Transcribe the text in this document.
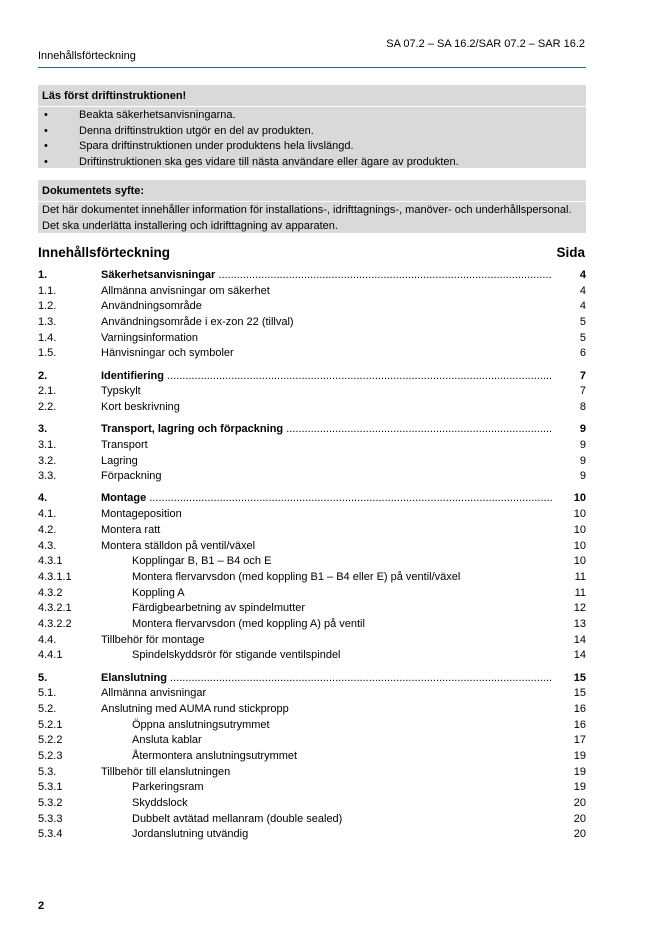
SA 07.2 – SA 16.2/SAR 07.2 – SAR 16.2
Innehållsförteckning
Läs först driftinstruktionen!
•	Beakta säkerhetsanvisningarna.
•	Denna driftinstruktion utgör en del av produkten.
•	Spara driftinstruktionen under produktens hela livslängd.
•	Driftinstruktionen ska ges vidare till nästa användare eller ägare av produkten.
Dokumentets syfte:
Det här dokumentet innehåller information för installations-, idrifttagnings-, manöver- och underhållspersonal.
Det ska underlätta installering och idrifttagning av apparaten.
Innehållsförteckning	Sida
1.	Säkerhetsanvisningar .....	4
1.1.	Allmänna anvisningar om säkerhet	4
1.2.	Användningsområde	4
1.3.	Användningsområde i ex-zon 22 (tillval)	5
1.4.	Varningsinformation	5
1.5.	Hänvisningar och symboler	6
2.	Identifiering .....	7
2.1.	Typskylt	7
2.2.	Kort beskrivning	8
3.	Transport, lagring och förpackning .....	9
3.1.	Transport	9
3.2.	Lagring	9
3.3.	Förpackning	9
4.	Montage .....	10
4.1.	Montageposition	10
4.2.	Montera ratt	10
4.3.	Montera ställdon på ventil/växel	10
4.3.1	Kopplingar B, B1 – B4 och E	10
4.3.1.1	Montera flervarvsdon (med koppling B1 – B4 eller E) på ventil/växel	11
4.3.2	Koppling A	11
4.3.2.1	Färdigbearbetning av spindelmutter	12
4.3.2.2	Montera flervarvsdon (med koppling A) på ventil	13
4.4.	Tillbehör för montage	14
4.4.1	Spindelskyddsrör för stigande ventilspindel	14
5.	Elanslutning .....	15
5.1.	Allmänna anvisningar	15
5.2.	Anslutning med AUMA rund stickpropp	16
5.2.1	Öppna anslutningsutrymmet	16
5.2.2	Ansluta kablar	17
5.2.3	Återmontera anslutningsutrymmet	19
5.3.	Tillbehör till elanslutningen	19
5.3.1	Parkeringsram	19
5.3.2	Skyddslock	20
5.3.3	Dubbelt avtätad mellanram (double sealed)	20
5.3.4	Jordanslutning utvändig	20
2
